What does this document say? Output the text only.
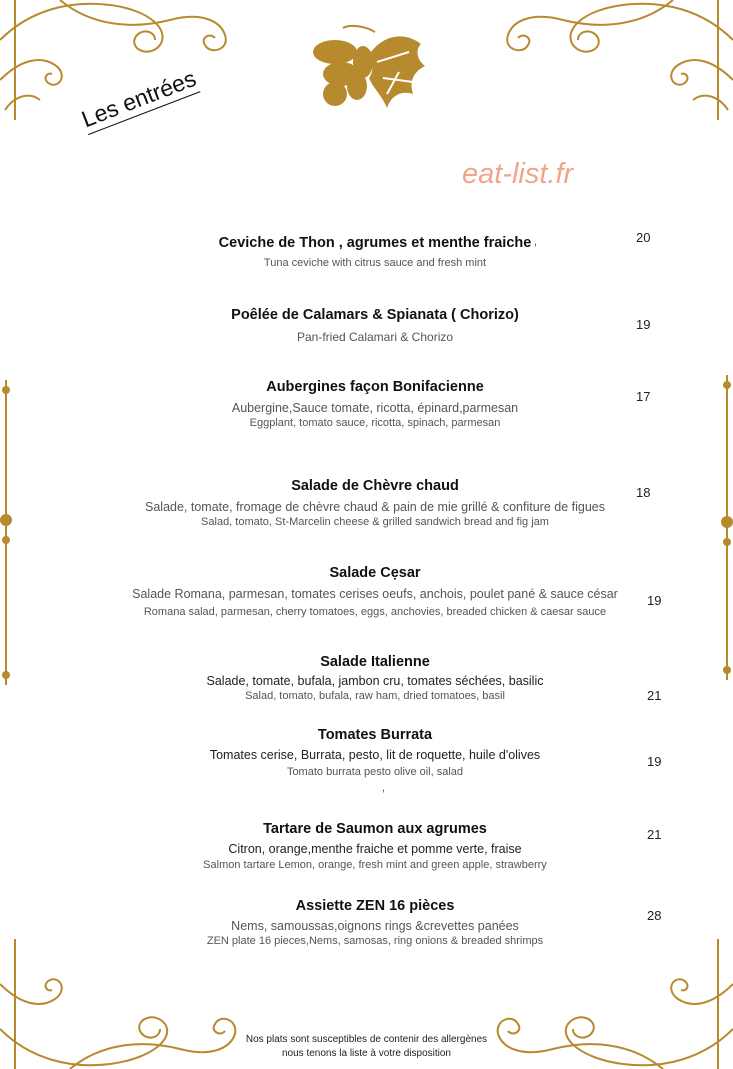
Les entrées
eat-list.fr
Ceviche de Thon , agrumes et menthe fraiche
Tuna ceviche with citrus sauce and fresh mint
,	20
Poêlée de Calamars & Spianata ( Chorizo)
Pan-fried Calamari & Chorizo
19
Aubergines façon Bonifacienne
Aubergine,Sauce tomate, ricotta, épinard,parmesan
Eggplant, tomato sauce, ricotta, spinach, parmesan
17
Salade de Chèvre chaud
Salade, tomate, fromage de chèvre chaud & pain de mie grillé & confiture de figues
Salad, tomato, St-Marcelin cheese & grilled sandwich bread and fig jam
18
Salade Cẹsar
Salade Romana, parmesan, tomates cerises oeufs, anchois, poulet pané & sauce césar
Romana salad, parmesan, cherry tomatoes, eggs, anchovies, breaded chicken & caesar sauce
19
Salade Italienne
Salade, tomate, bufala, jambon cru, tomates séchées, basilic
Salad, tomato, bufala, raw ham, dried tomatoes, basil	21
Tomates Burrata
Tomates cerise, Burrata, pesto, lit de roquette, huile d'olives
Tomato burrata pesto olive oil, salad
,
19
Tartare de Saumon aux agrumes
Citron, orange,menthe fraiche et pomme verte, fraise
Salmon tartare Lemon, orange, fresh mint and green apple, strawberry
21
Assiette ZEN 16 pièces
Nems, samoussas,oignons rings &crevettes panées
ZEN plate 16 pieces,Nems, samosas, ring onions & breaded shrimps
28
Nos plats sont susceptibles de contenir des allergènes
nous tenons la liste à votre disposition
